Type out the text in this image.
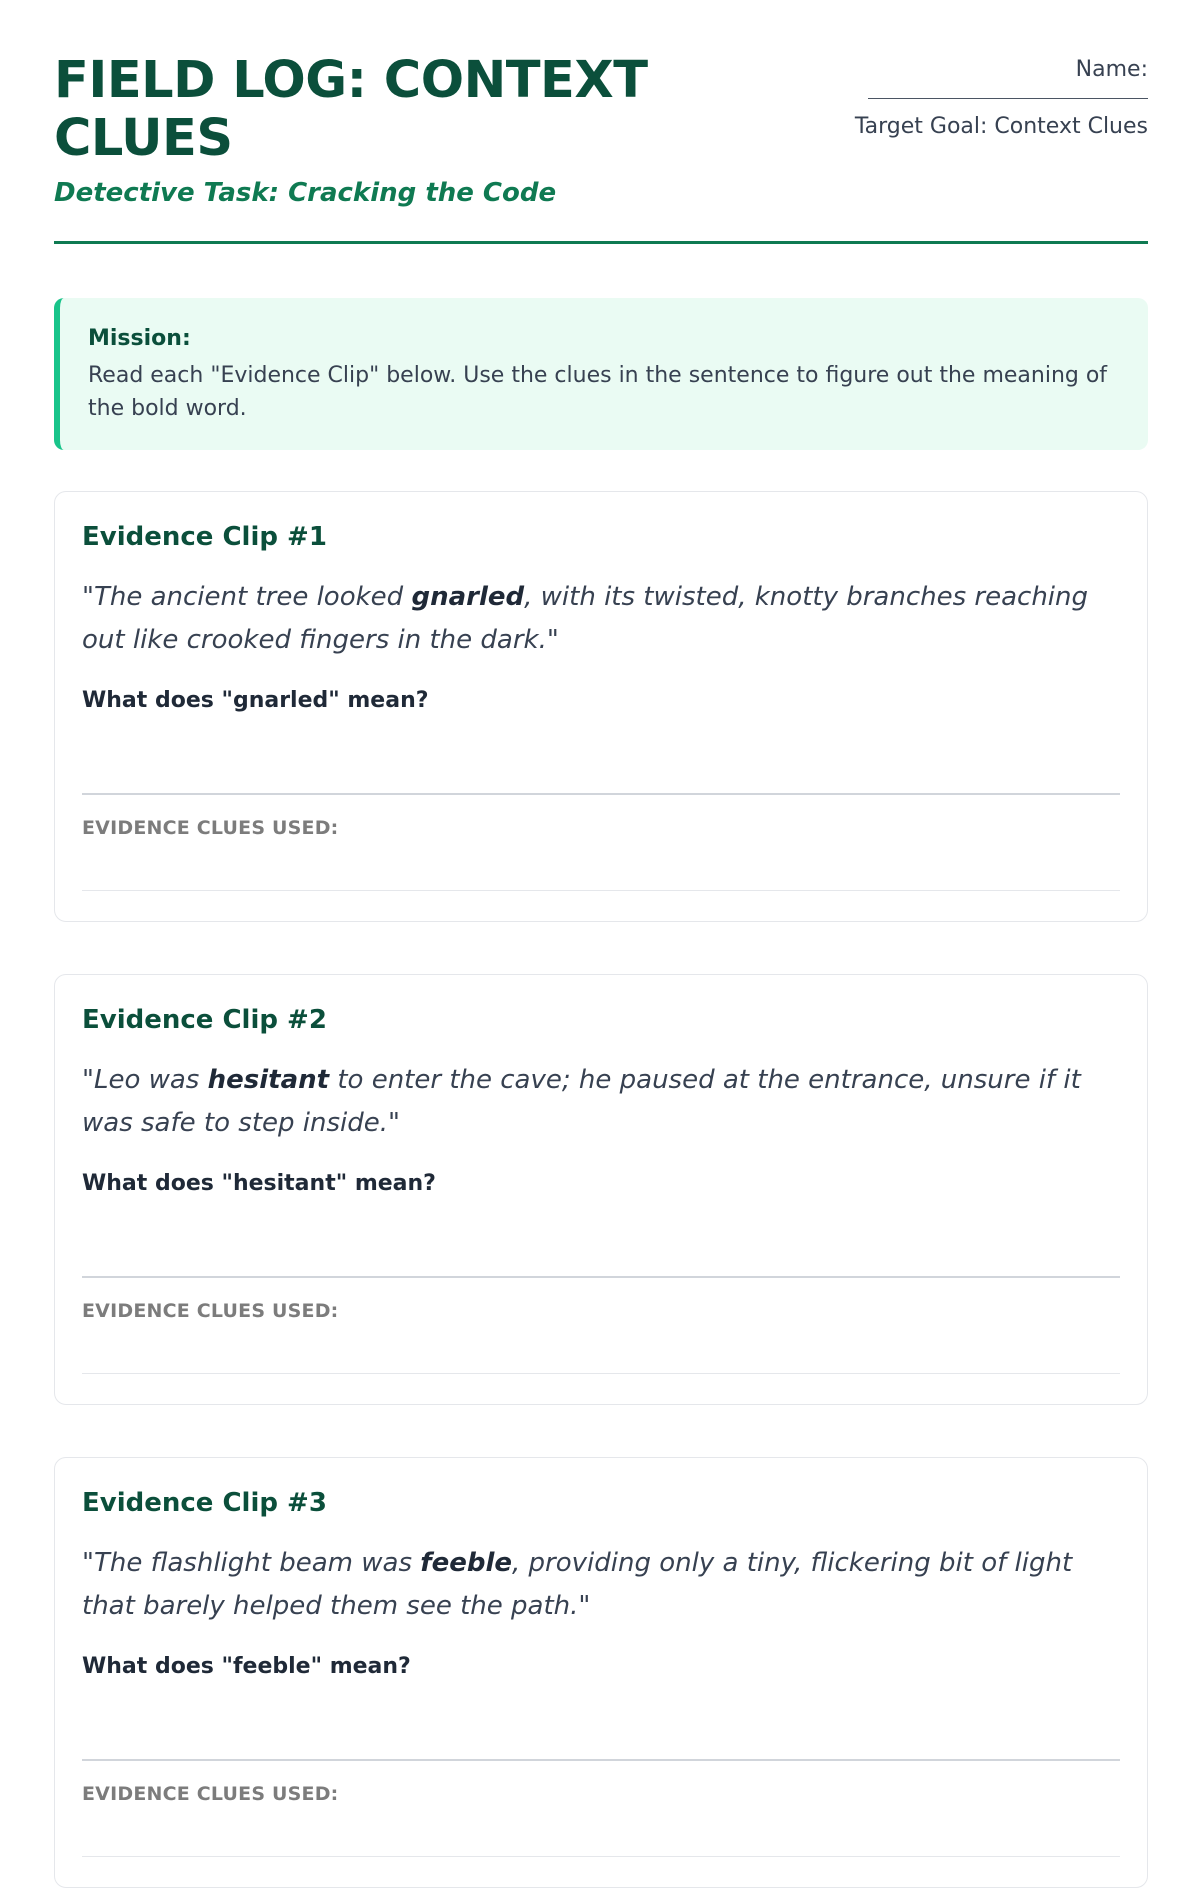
FIELD LOG: CONTEXT CLUES

Detective Task: Cracking the Code

Name:
Target Goal: Context Clues
Mission:
Read each "Evidence Clip" below. Use the clues in the sentence to figure out the meaning of the bold word.
Evidence Clip #1

"The ancient tree looked gnarled, with its twisted, knotty branches reaching out like crooked fingers in the dark."

What does "gnarled" mean?

EVIDENCE CLUES USED:

Evidence Clip #2

"Leo was hesitant to enter the cave; he paused at the entrance, unsure if it was safe to step inside."

What does "hesitant" mean?

EVIDENCE CLUES USED:

Evidence Clip #3

"The flashlight beam was feeble, providing only a tiny, flickering bit of light that barely helped them see the path."

What does "feeble" mean?

EVIDENCE CLUES USED:
